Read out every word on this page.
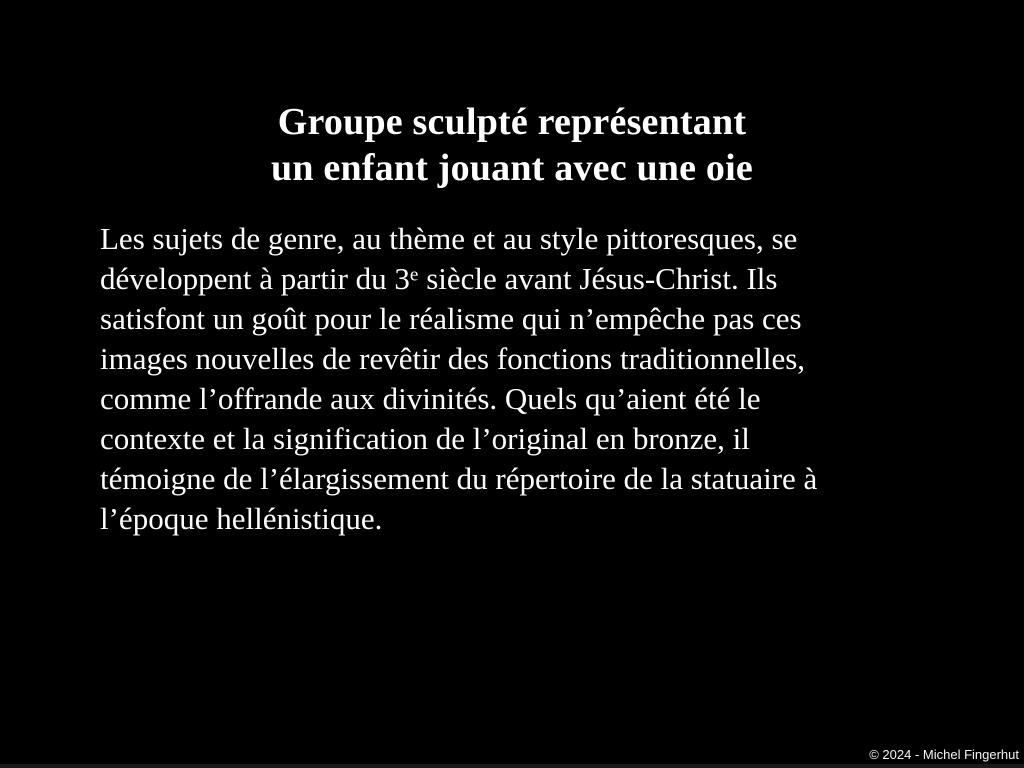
Groupe sculpté représentant
un enfant jouant avec une oie
Les sujets de genre, au thème et au style pittoresques, se
développent à partir du 3e siècle avant Jésus-Christ. Ils
satisfont un goût pour le réalisme qui n’empêche pas ces
images nouvelles de revêtir des fonctions traditionnelles,
comme l’offrande aux divinités. Quels qu’aient été le
contexte et la signification de l’original en bronze, il
témoigne de l’élargissement du répertoire de la statuaire à
l’époque hellénistique.
© 2024 - Michel Fingerhut
